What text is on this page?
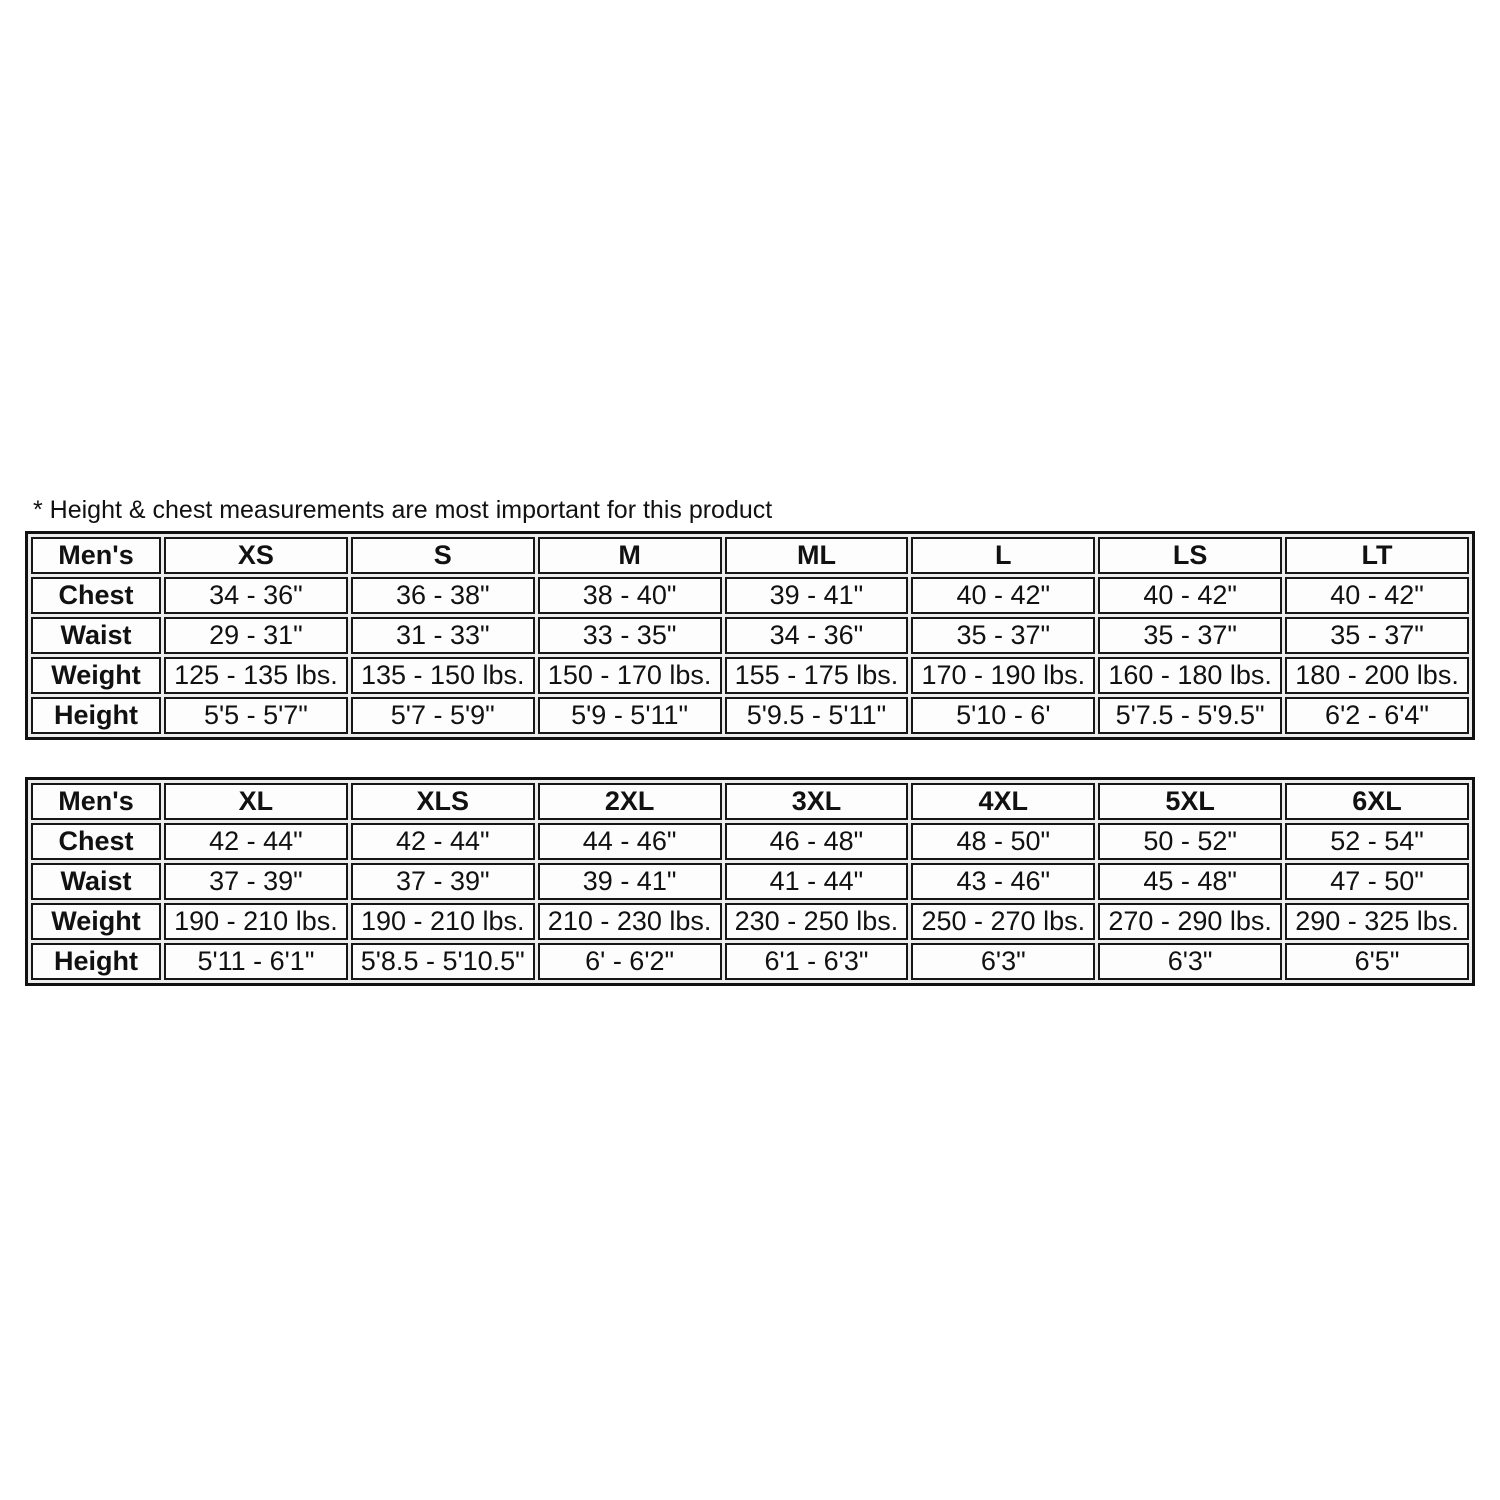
* Height & chest measurements are most important for this product
Men's	XS	S	M	ML	L	LS	LT
Chest	34 - 36"	36 - 38"	38 - 40"	39 - 41"	40 - 42"	40 - 42"	40 - 42"
Waist	29 - 31"	31 - 33"	33 - 35"	34 - 36"	35 - 37"	35 - 37"	35 - 37"
Weight	125 - 135 lbs.	135 - 150 lbs.	150 - 170 lbs.	155 - 175 lbs.	170 - 190 lbs.	160 - 180 lbs.	180 - 200 lbs.
Height	5'5 - 5'7"	5'7 - 5'9"	5'9 - 5'11"	5'9.5 - 5'11"	5'10 - 6'	5'7.5 - 5'9.5"	6'2 - 6'4"
Men's	XL	XLS	2XL	3XL	4XL	5XL	6XL
Chest	42 - 44"	42 - 44"	44 - 46"	46 - 48"	48 - 50"	50 - 52"	52 - 54"
Waist	37 - 39"	37 - 39"	39 - 41"	41 - 44"	43 - 46"	45 - 48"	47 - 50"
Weight	190 - 210 lbs.	190 - 210 lbs.	210 - 230 lbs.	230 - 250 lbs.	250 - 270 lbs.	270 - 290 lbs.	290 - 325 lbs.
Height	5'11 - 6'1"	5'8.5 - 5'10.5"	6' - 6'2"	6'1 - 6'3"	6'3"	6'3"	6'5"
